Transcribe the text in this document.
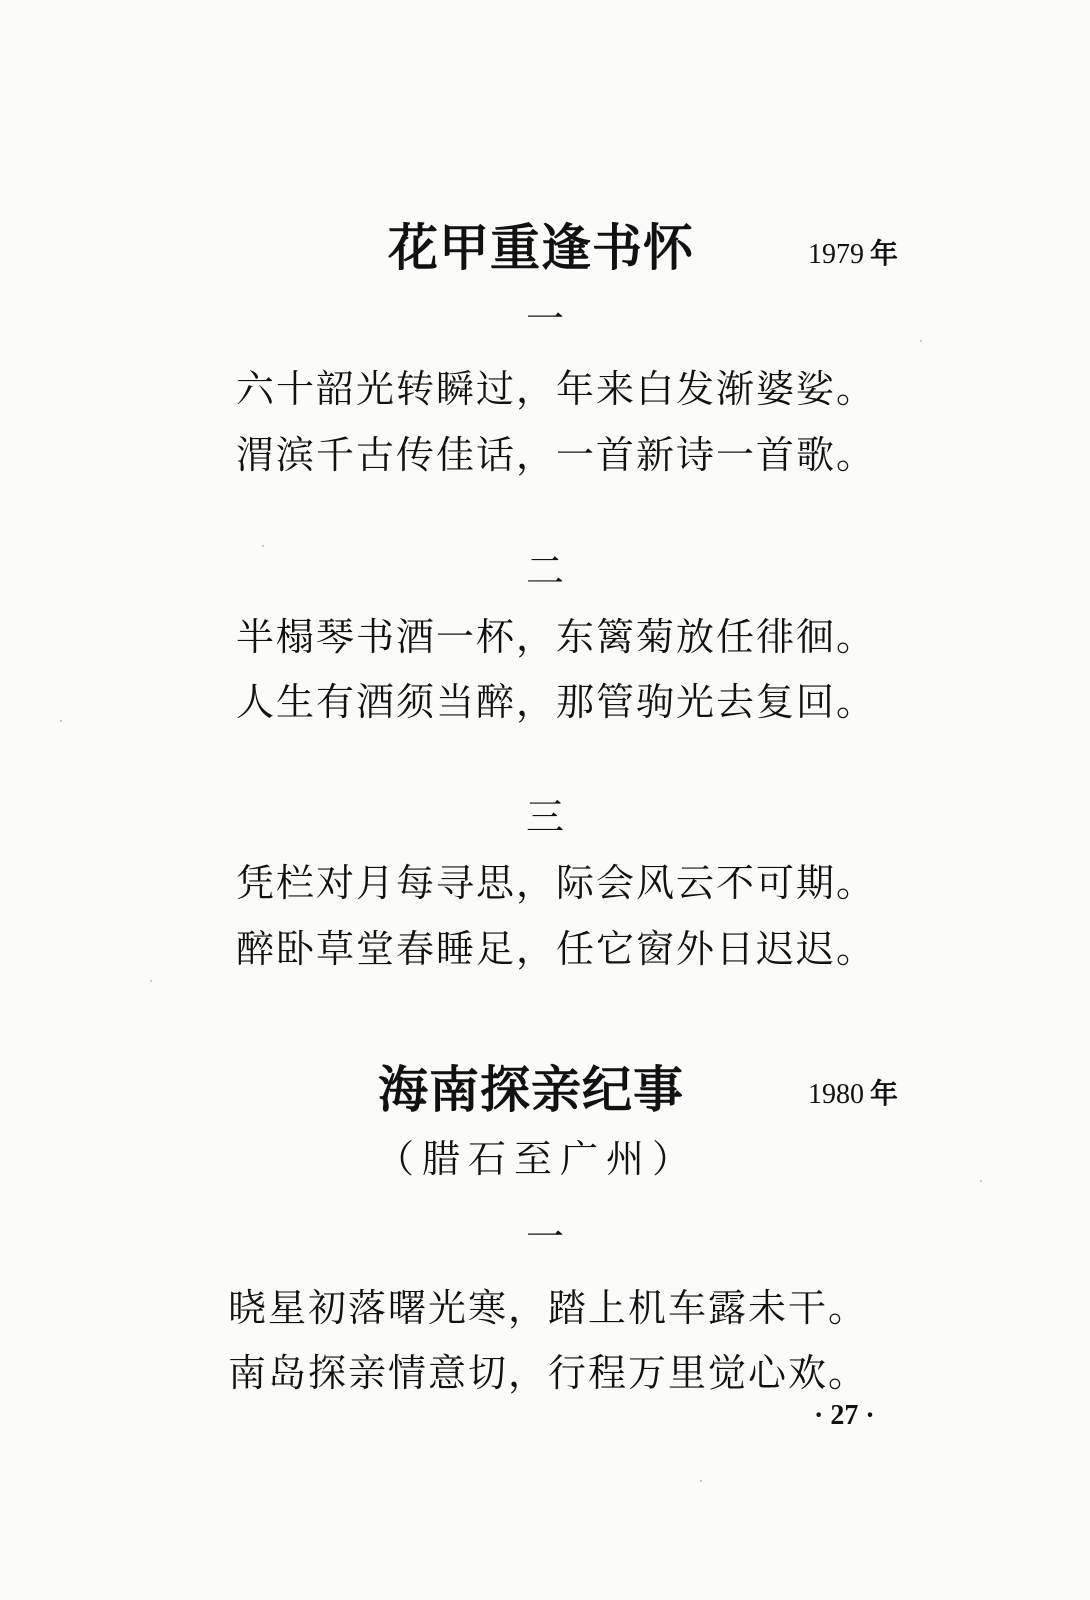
花甲重逢书怀	1979 年
一
六十韶光转瞬过，年来白发渐婆娑。
渭滨千古传佳话，一首新诗一首歌。
二
半榻琴书酒一杯，东篱菊放任徘徊。
人生有酒须当醉，那管驹光去复回。
三
凭栏对月每寻思，际会风云不可期。
醉卧草堂春睡足，任它窗外日迟迟。
海南探亲纪事	1980 年
（腊石至广州）
一
晓星初落曙光寒，踏上机车露未干。
南岛探亲情意切，行程万里觉心欢。
· 27 ·
